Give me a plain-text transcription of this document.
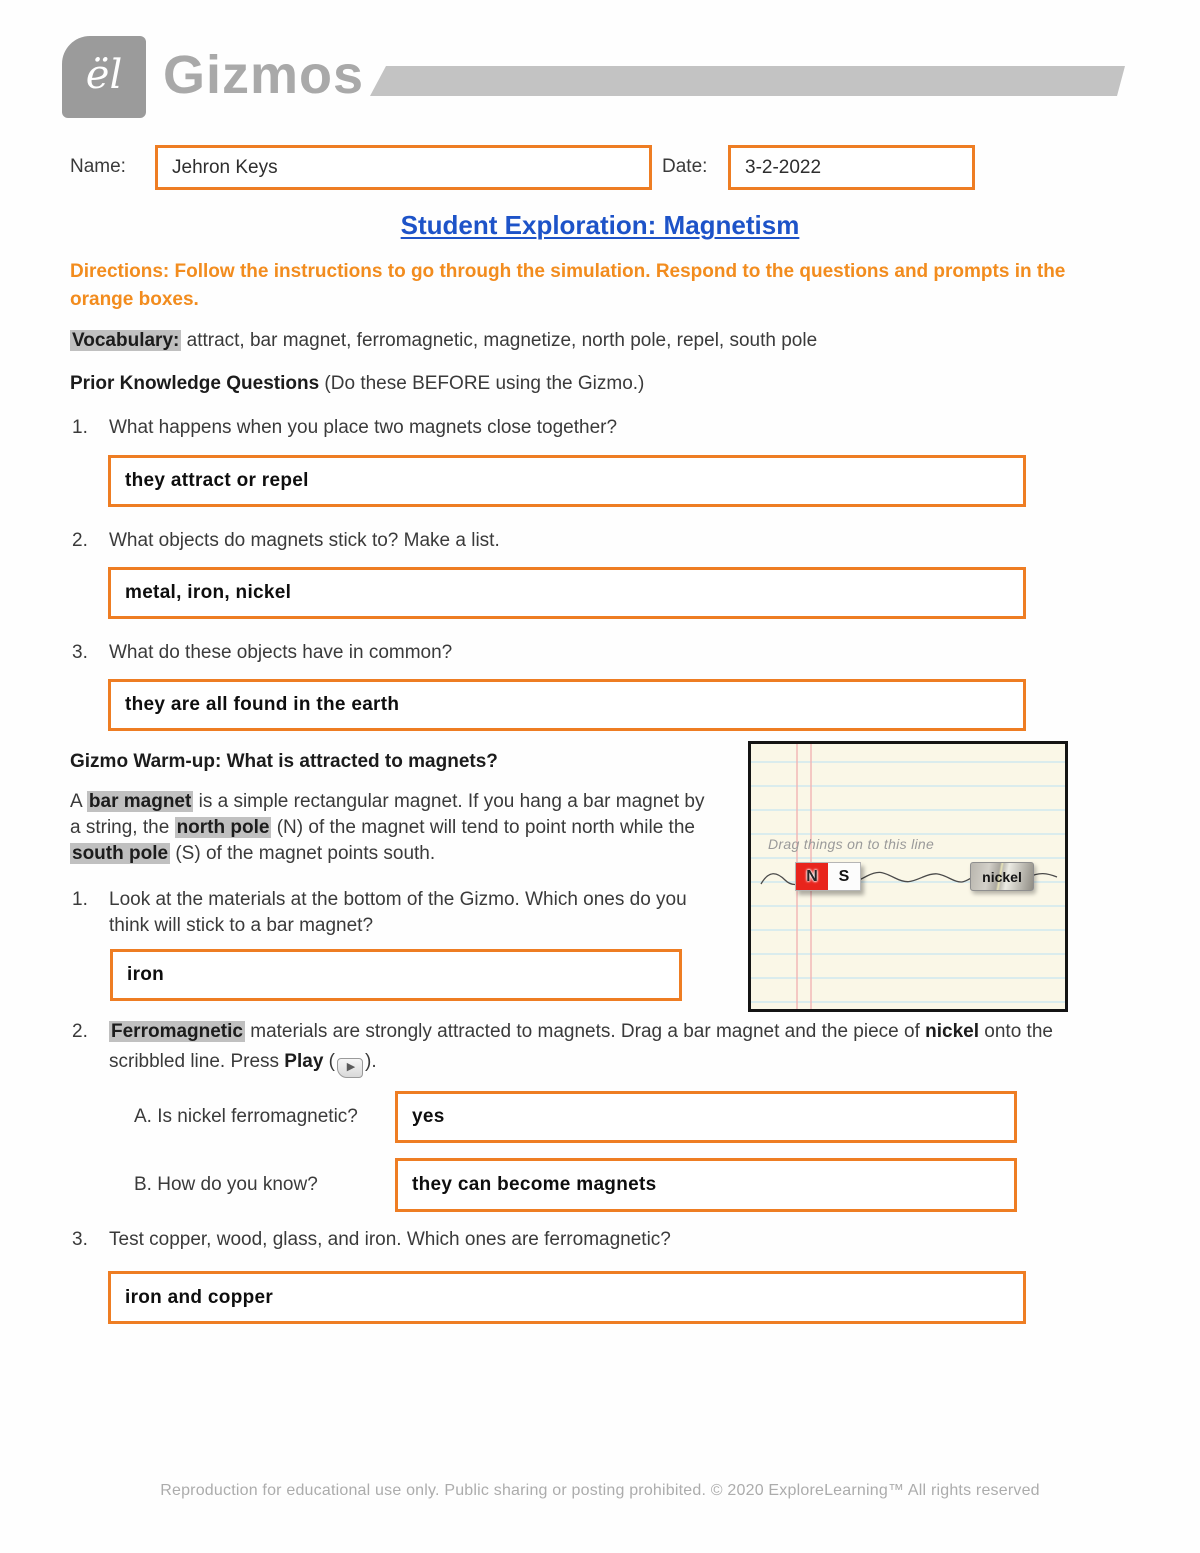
ël Gizmos
Name: Jehron Keys	Date: 3-2-2022
Student Exploration: Magnetism
Directions: Follow the instructions to go through the simulation. Respond to the questions and prompts in the orange boxes.
Vocabulary: attract, bar magnet, ferromagnetic, magnetize, north pole, repel, south pole
Prior Knowledge Questions (Do these BEFORE using the Gizmo.)
1.	What happens when you place two magnets close together?
they attract or repel
2.	What objects do magnets stick to? Make a list.
metal, iron, nickel
3.	What do these objects have in common?
they are all found in the earth
Gizmo Warm-up: What is attracted to magnets?
A bar magnet is a simple rectangular magnet. If you hang a bar magnet by a string, the north pole (N) of the magnet will tend to point north while the south pole (S) of the magnet points south.	Drag things on to this line
N	S	nickel
1.	Look at the materials at the bottom of the Gizmo. Which ones do you think will stick to a bar magnet?
iron
2.	Ferromagnetic materials are strongly attracted to magnets. Drag a bar magnet and the piece of nickel onto the scribbled line. Press Play ( ▶ ).
A. Is nickel ferromagnetic?	yes
B. How do you know?	they can become magnets
3.	Test copper, wood, glass, and iron. Which ones are ferromagnetic?
iron and copper
Reproduction for educational use only. Public sharing or posting prohibited. © 2020 ExploreLearning™ All rights reserved
